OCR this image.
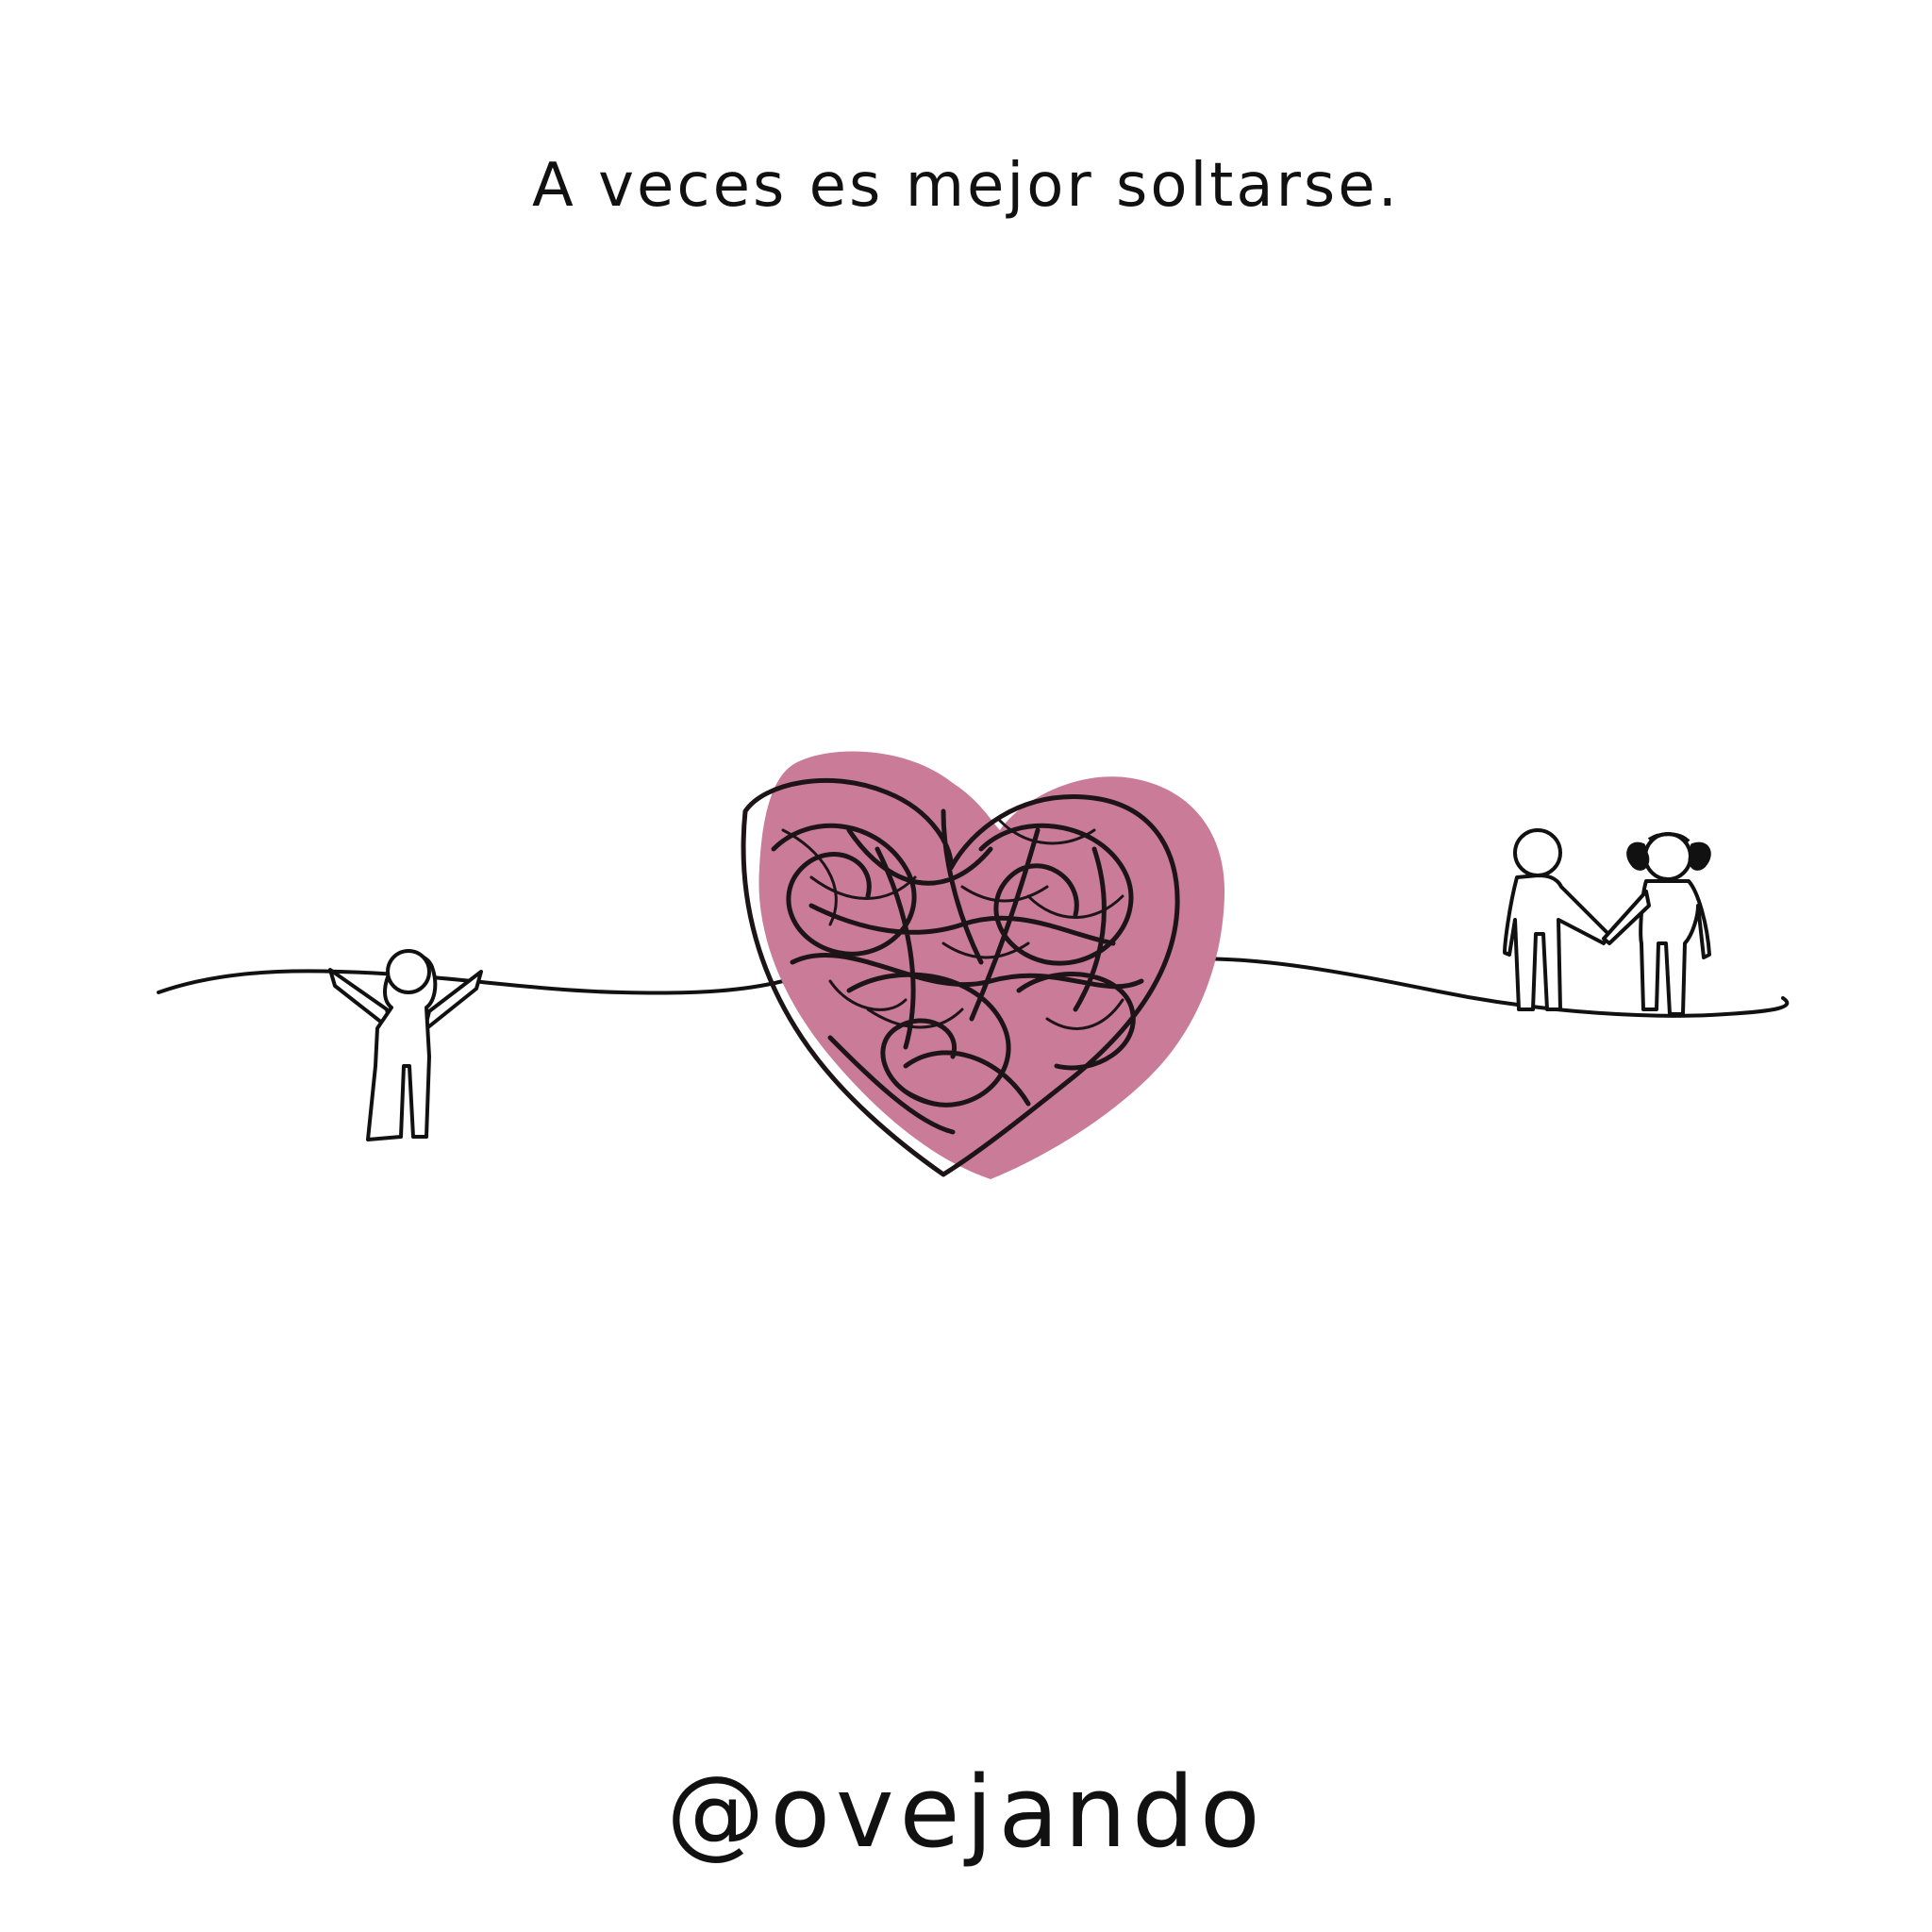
A veces es mejor soltarse.
@ovejando
